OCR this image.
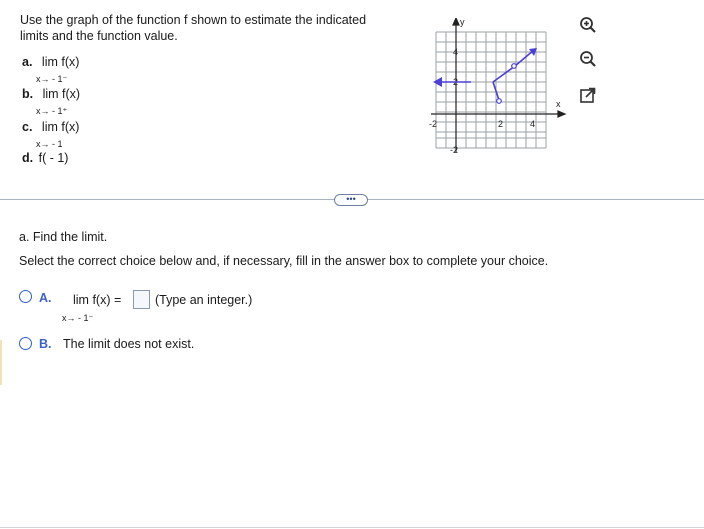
Use the graph of the function f shown to estimate the indicated
limits and the function value.
a. lim f(x)
x→ - 1⁻
b. lim f(x)
x→ - 1⁺
c. lim f(x)
x→ - 1
d. f( - 1)
y
x
4
2
-2
-2	2	4
•••
a. Find the limit.
Select the correct choice below and, if necessary, fill in the answer box to complete your choice.
A. lim f(x) =	(Type an integer.)
x→ - 1⁻
B. The limit does not exist.
